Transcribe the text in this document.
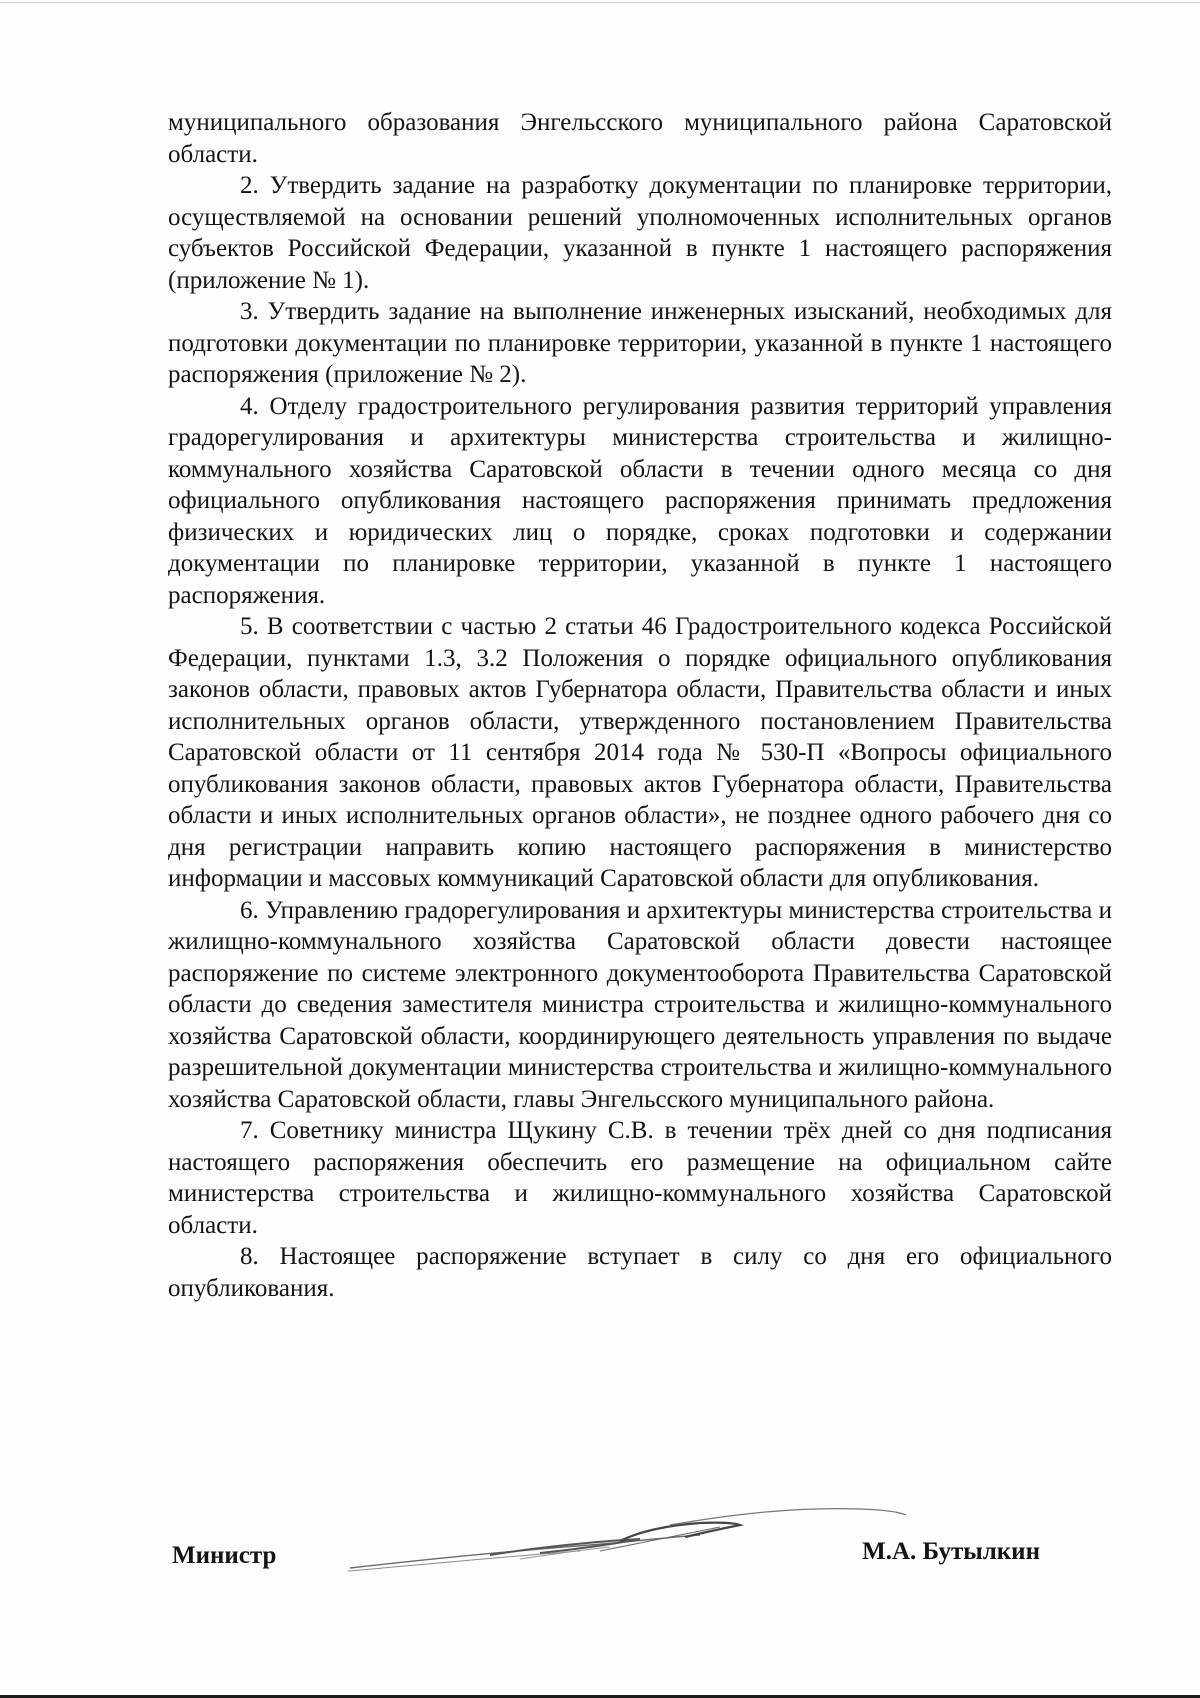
муниципального образования Энгельсского муниципального района Саратовской области.

2. Утвердить задание на разработку документации по планировке территории, осуществляемой на основании решений уполномоченных исполнительных органов субъектов Российской Федерации, указанной в пункте 1 настоящего распоряжения (приложение № 1).

3. Утвердить задание на выполнение инженерных изысканий, необходимых для подготовки документации по планировке территории, указанной в пункте 1 настоящего распоряжения (приложение № 2).

4. Отделу градостроительного регулирования развития территорий управления градорегулирования и архитектуры министерства строительства и жилищно-коммунального хозяйства Саратовской области в течении одного месяца со дня официального опубликования настоящего распоряжения принимать предложения физических и юридических лиц о порядке, сроках подготовки и содержании документации по планировке территории, указанной в пункте 1 настоящего распоряжения.

5. В соответствии с частью 2 статьи 46 Градостроительного кодекса Российской Федерации, пунктами 1.3, 3.2 Положения о порядке официального опубликования законов области, правовых актов Губернатора области, Правительства области и иных исполнительных органов области, утвержденного постановлением Правительства Саратовской области от 11 сентября 2014 года № 530-П «Вопросы официального опубликования законов области, правовых актов Губернатора области, Правительства области и иных исполнительных органов области», не позднее одного рабочего дня со дня регистрации направить копию настоящего распоряжения в министерство информации и массовых коммуникаций Саратовской области для опубликования.

6. Управлению градорегулирования и архитектуры министерства строительства и жилищно-коммунального хозяйства Саратовской области довести настоящее распоряжение по системе электронного документооборота Правительства Саратовской области до сведения заместителя министра строительства и жилищно-коммунального хозяйства Саратовской области, координирующего деятельность управления по выдаче разрешительной документации министерства строительства и жилищно-коммунального хозяйства Саратовской области, главы Энгельсского муниципального района.

7. Советнику министра Щукину С.В. в течении трёх дней со дня подписания настоящего распоряжения обеспечить его размещение на официальном сайте министерства строительства и жилищно-коммунального хозяйства Саратовской области.

8. Настоящее распоряжение вступает в силу со дня его официального опубликования.

Министр	М.А. Бутылкин
